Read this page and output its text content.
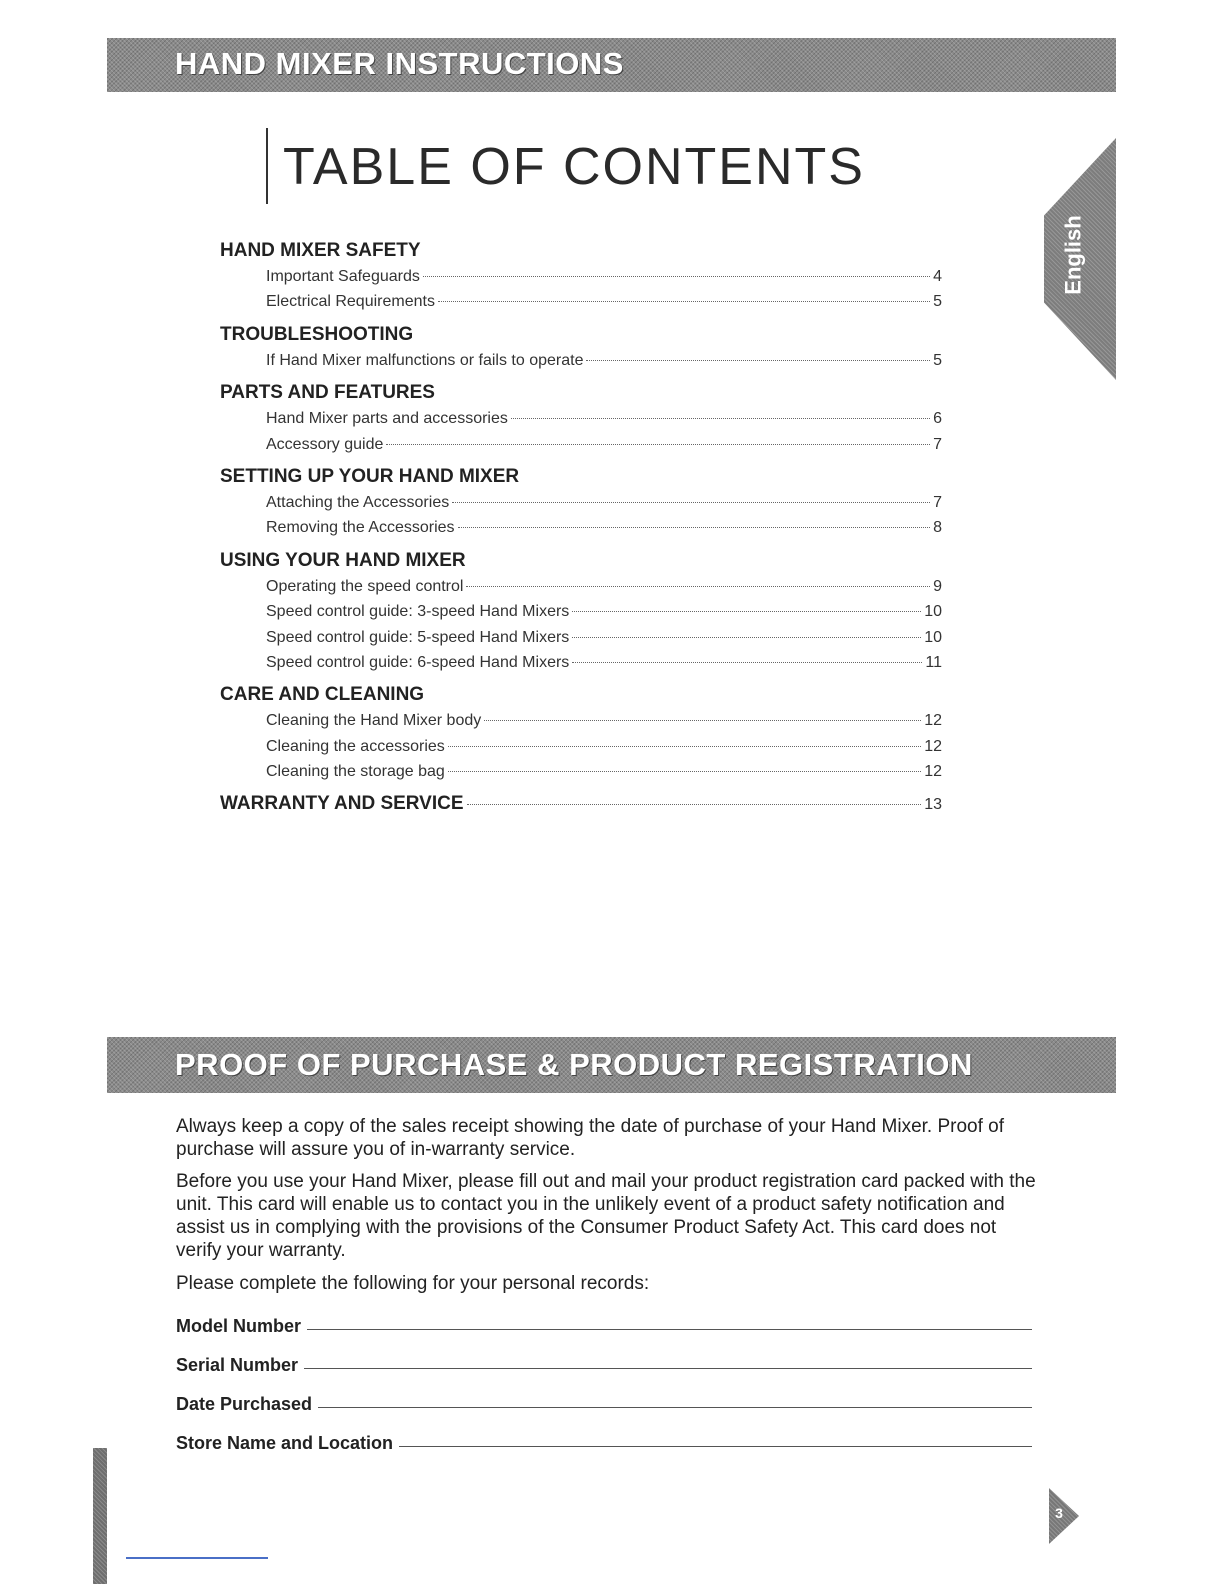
HAND MIXER INSTRUCTIONS
TABLE OF CONTENTS
HAND MIXER SAFETY
Important Safeguards	4
Electrical Requirements	5
TROUBLESHOOTING
If Hand Mixer malfunctions or fails to operate	5
PARTS AND FEATURES
Hand Mixer parts and accessories	6
Accessory guide	7
SETTING UP YOUR HAND MIXER
Attaching the Accessories	7
Removing the Accessories	8
USING YOUR HAND MIXER
Operating the speed control	9
Speed control guide: 3-speed Hand Mixers	10
Speed control guide: 5-speed Hand Mixers	10
Speed control guide: 6-speed Hand Mixers	11
CARE AND CLEANING
Cleaning the Hand Mixer body	12
Cleaning the accessories	12
Cleaning the storage bag	12
WARRANTY AND SERVICE	13
English
PROOF OF PURCHASE & PRODUCT REGISTRATION

Always keep a copy of the sales receipt showing the date of purchase of your Hand Mixer. Proof of purchase will assure you of in-warranty service.

Before you use your Hand Mixer, please fill out and mail your product registration card packed with the unit. This card will enable us to contact you in the unlikely event of a product safety notification and assist us in complying with the provisions of the Consumer Product Safety Act. This card does not verify your warranty.

Please complete the following for your personal records:

Model Number
Serial Number
Date Purchased
Store Name and Location
3
